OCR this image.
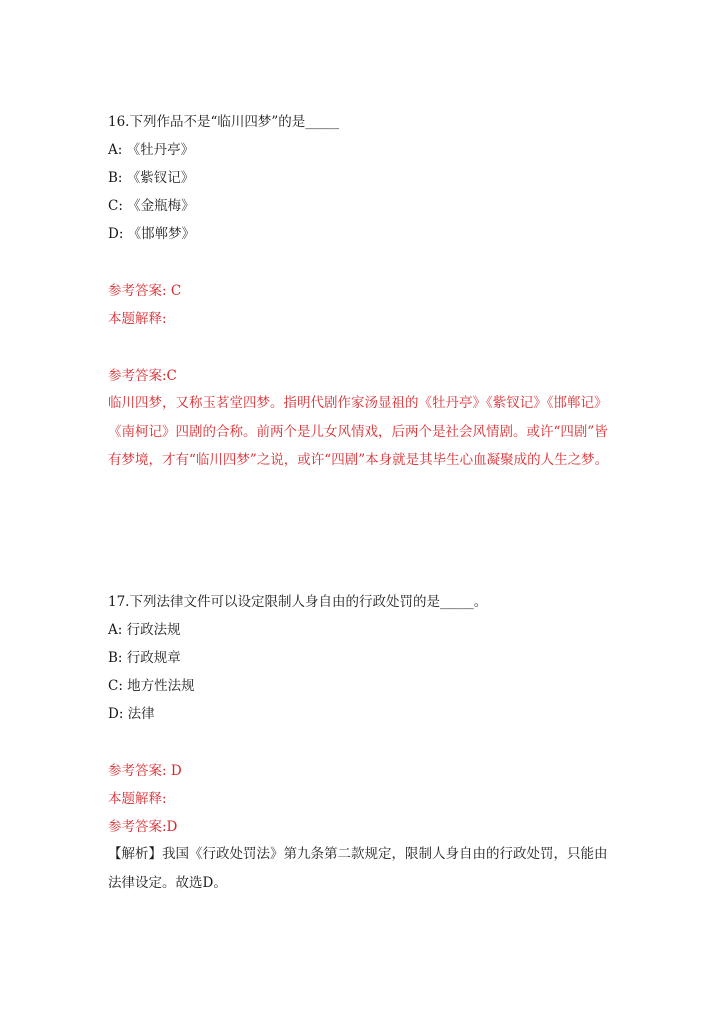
16.下列作品不是“临川四梦”的是_____
A: 《牡丹亭》
B: 《紫钗记》
C: 《金瓶梅》
D: 《邯郸梦》
参考答案: C
本题解释:
参考答案:C
临川四梦，又称玉茗堂四梦。指明代剧作家汤显祖的《牡丹亭》《紫钗记》《邯郸记》《南柯记》四剧的合称。前两个是儿女风情戏，后两个是社会风情剧。或许“四剧”皆有梦境，才有“临川四梦”之说，或许“四剧”本身就是其毕生心血凝聚成的人生之梦。
17.下列法律文件可以设定限制人身自由的行政处罚的是_____。
A: 行政法规
B: 行政规章
C: 地方性法规
D: 法律
参考答案: D
本题解释:
参考答案:D
【解析】我国《行政处罚法》第九条第二款规定，限制人身自由的行政处罚，只能由法律设定。故选D。
